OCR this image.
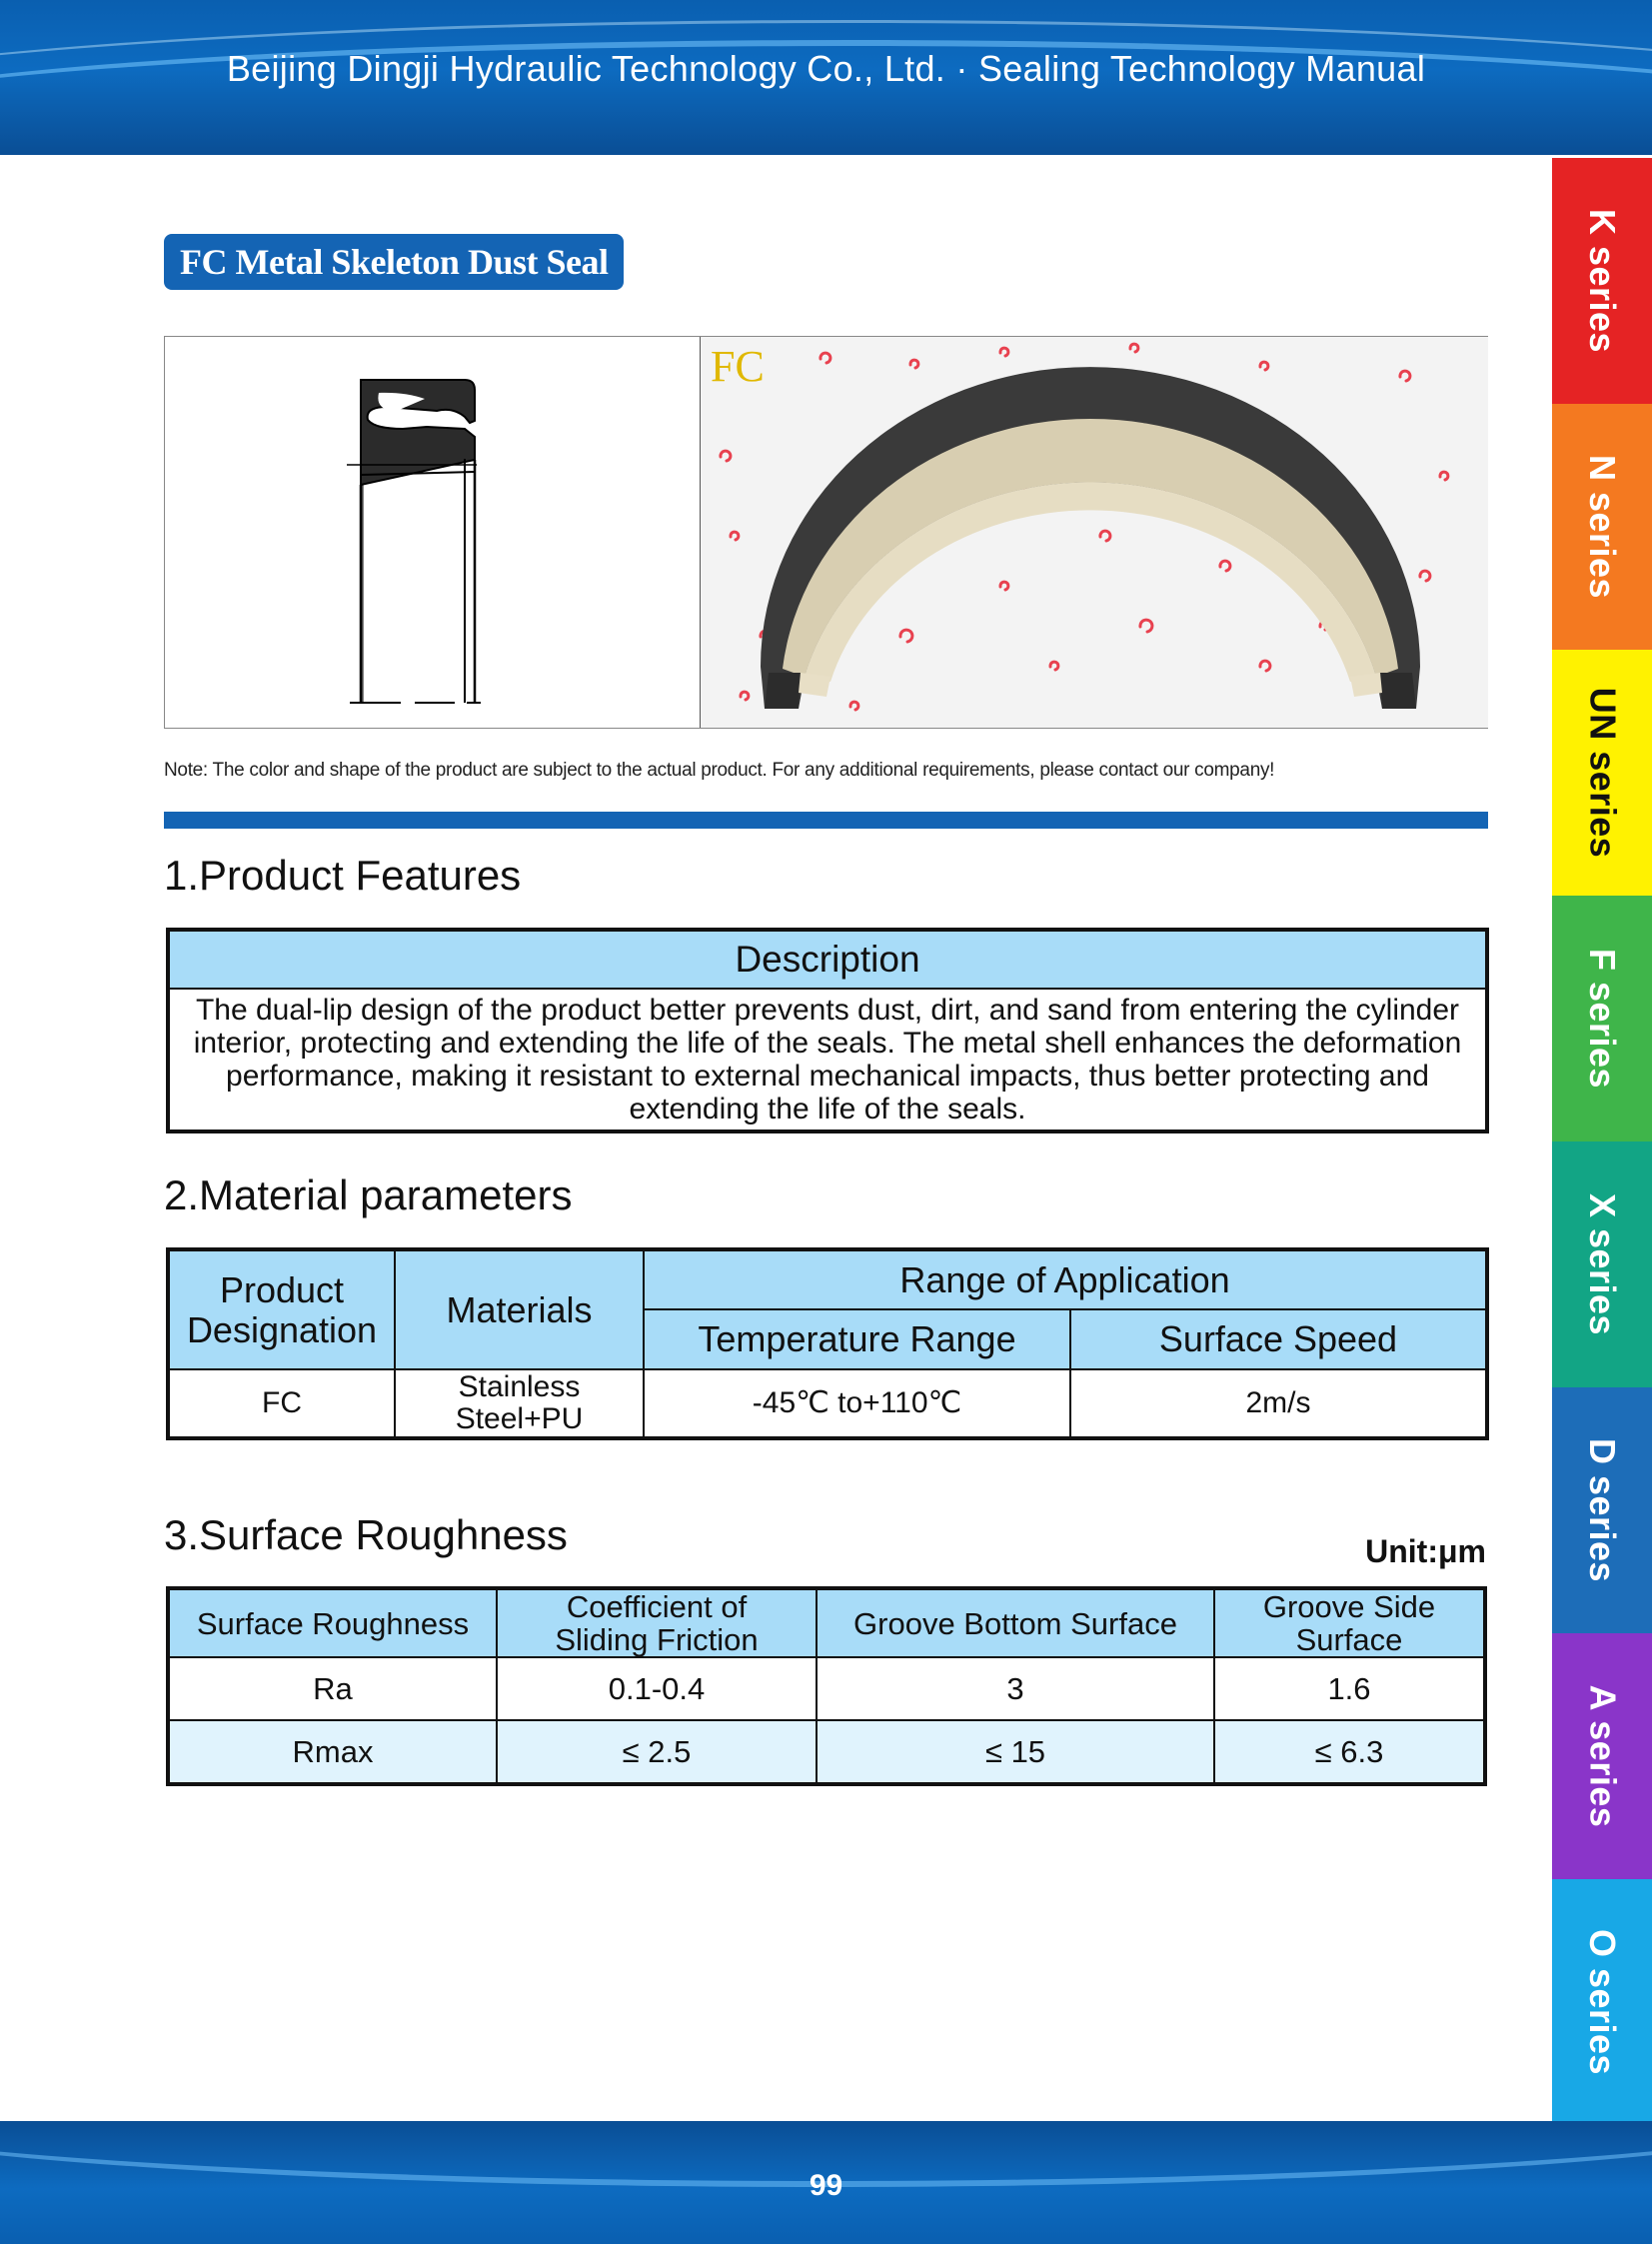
Beijing Dingji Hydraulic Technology Co., Ltd. · Sealing Technology Manual
K series
N series
UN series
F series
X series
D series
A series
O series
FC Metal Skeleton Dust Seal
FC
Note: The color and shape of the product are subject to the actual product. For any additional requirements, please contact our company!
1.Product Features
Description
The dual-lip design of the product better prevents dust, dirt, and sand from entering the cylinder interior, protecting and extending the life of the seals. The metal shell enhances the deformation performance, making it resistant to external mechanical impacts, thus better protecting and extending the life of the seals.
2.Material parameters
Product Designation	Materials	Range of Application	
		Temperature Range	Surface Speed
FC	Stainless Steel+PU	-45℃ to+110℃	2m/s
3.Surface Roughness	Unit:μm
Surface Roughness	Coefficient of Sliding Friction	Groove Bottom Surface	Groove Side Surface
Ra	0.1-0.4	3	1.6
Rmax	≤ 2.5	≤ 15	≤ 6.3
99
